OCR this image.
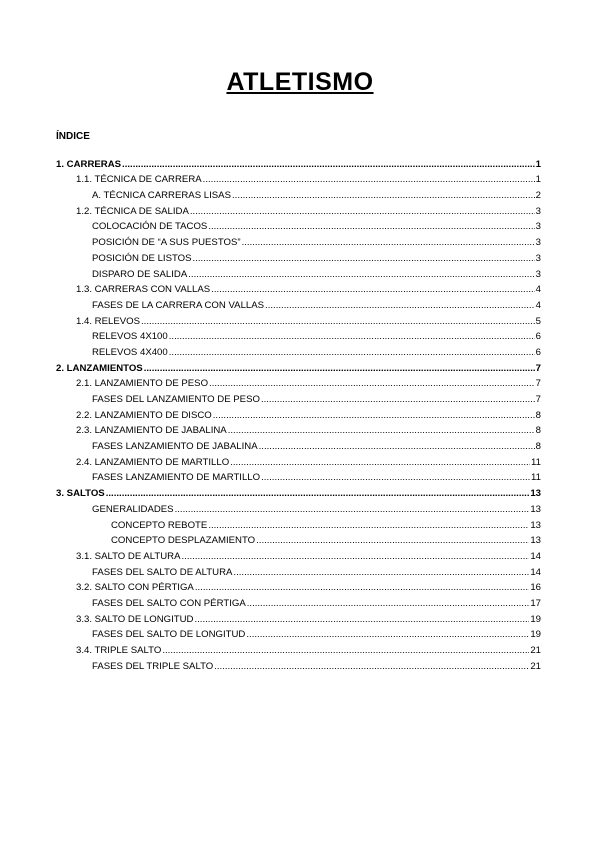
ATLETISMO
ÍNDICE
1. CARRERAS .....	1
1.1. TÉCNICA DE CARRERA .....	1
A. TÉCNICA CARRERAS LISAS .....	2
1.2. TÉCNICA DE SALIDA .....	3
COLOCACIÓN DE TACOS .....	3
POSICIÓN DE “A SUS PUESTOS” .....	3
POSICIÓN DE LISTOS .....	3
DISPARO DE SALIDA .....	3
1.3. CARRERAS CON VALLAS .....	4
FASES DE LA CARRERA CON VALLAS .....	4
1.4. RELEVOS .....	5
RELEVOS 4X100 .....	6
RELEVOS 4X400 .....	6
2. LANZAMIENTOS .....	7
2.1. LANZAMIENTO DE PESO .....	7
FASES DEL LANZAMIENTO DE PESO .....	7
2.2. LANZAMIENTO DE DISCO .....	8
2.3. LANZAMIENTO DE JABALINA .....	8
FASES LANZAMIENTO DE JABALINA .....	8
2.4. LANZAMIENTO DE MARTILLO .....	11
FASES LANZAMIENTO DE MARTILLO .....	11
3. SALTOS .....	13
GENERALIDADES .....	13
CONCEPTO REBOTE .....	13
CONCEPTO DESPLAZAMIENTO .....	13
3.1. SALTO DE ALTURA .....	14
FASES DEL SALTO DE ALTURA .....	14
3.2. SALTO CON PÉRTIGA .....	16
FASES DEL SALTO CON PÉRTIGA .....	17
3.3. SALTO DE LONGITUD .....	19
FASES DEL SALTO DE LONGITUD .....	19
3.4. TRIPLE SALTO .....	21
FASES DEL TRIPLE SALTO .....	21
